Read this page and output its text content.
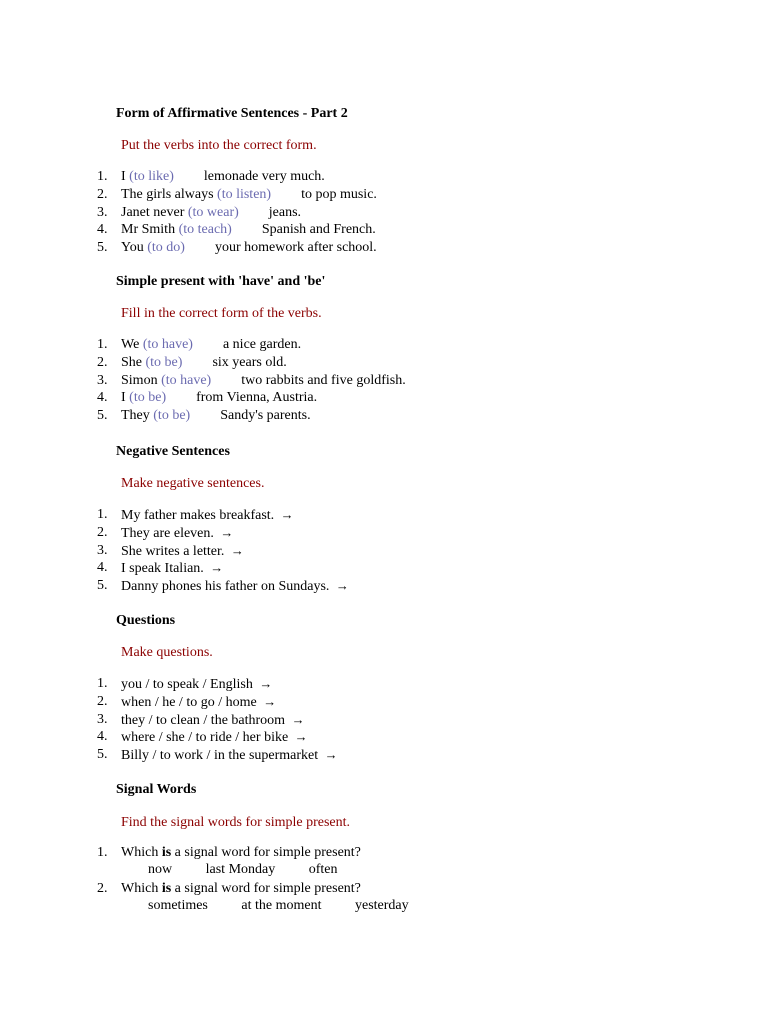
Form of Affirmative Sentences - Part 2
Put the verbs into the correct form.
1. I (to like) lemonade very much.
2. The girls always (to listen) to pop music.
3. Janet never (to wear) jeans.
4. Mr Smith (to teach) Spanish and French.
5. You (to do) your homework after school.
Simple present with 'have' and 'be'
Fill in the correct form of the verbs.
1. We (to have) a nice garden.
2. She (to be) six years old.
3. Simon (to have) two rabbits and five goldfish.
4. I (to be) from Vienna, Austria.
5. They (to be) Sandy's parents.
Negative Sentences
Make negative sentences.
1. My father makes breakfast. →
2. They are eleven. →
3. She writes a letter. →
4. I speak Italian. →
5. Danny phones his father on Sundays. →
Questions
Make questions.
1. you / to speak / English →
2. when / he / to go / home →
3. they / to clean / the bathroom →
4. where / she / to ride / her bike →
5. Billy / to work / in the supermarket →
Signal Words
Find the signal words for simple present.
1. Which is a signal word for simple present?
now last Monday often
2. Which is a signal word for simple present?
sometimes at the moment yesterday
